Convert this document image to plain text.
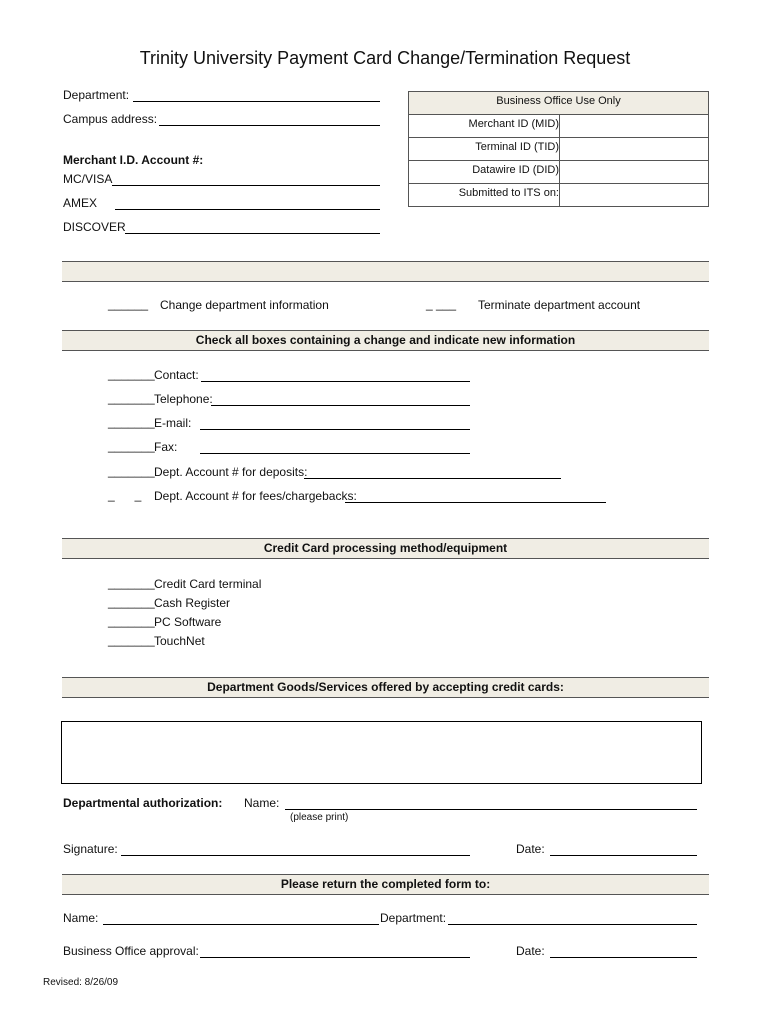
Trinity University Payment Card Change/Termination Request
Department:
Campus address:
Merchant I.D. Account #:
MC/VISA
AMEX
DISCOVER
Business Office Use Only
Merchant ID (MID)
Terminal ID (TID)
Datawire ID (DID)
Submitted to ITS on:
______ Change department information	_ ___ Terminate department account
Check all boxes containing a change and indicate new information
_______ Contact:
_______ Telephone:
_______ E-mail:
_______ Fax:
_______ Dept. Account # for deposits:
_      _ Dept. Account # for fees/chargebacks:
Credit Card processing method/equipment
_______ Credit Card terminal
_______ Cash Register
_______ PC Software
_______ TouchNet
Department Goods/Services offered by accepting credit cards:
Departmental authorization: Name:
(please print)
Signature:	Date:
Please return the completed form to:
Name:	Department:
Business Office approval:	Date:
Revised: 8/26/09
